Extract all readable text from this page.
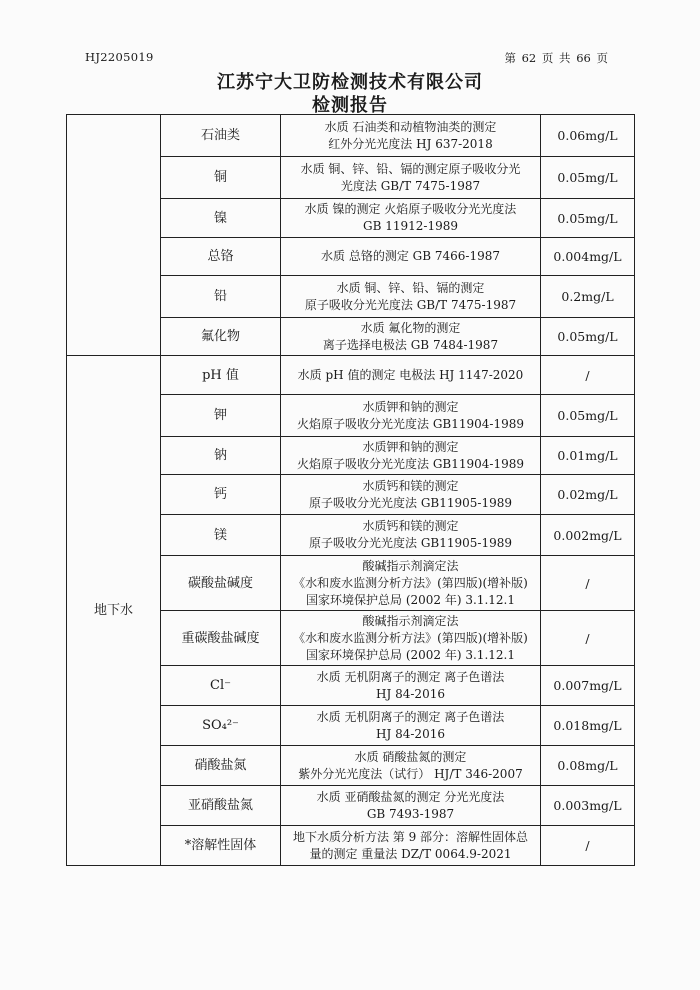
HJ2205019	第 62 页 共 66 页
江苏宁大卫防检测技术有限公司
检测报告
	石油类	水质 石油类和动植物油类的测定
红外分光光度法 HJ 637-2018	0.06mg/L
	铜	水质 铜、锌、铅、镉的测定原子吸收分光
光度法 GB/T 7475-1987	0.05mg/L
	镍	水质 镍的测定 火焰原子吸收分光光度法
GB 11912-1989	0.05mg/L
	总铬	水质 总铬的测定 GB 7466-1987	0.004mg/L
	铅	水质 铜、锌、铅、镉的测定
原子吸收分光光度法 GB/T 7475-1987	0.2mg/L
	氟化物	水质 氟化物的测定
离子选择电极法 GB 7484-1987	0.05mg/L
地下水	pH 值	水质 pH 值的测定 电极法 HJ 1147-2020	/
	钾	水质钾和钠的测定
火焰原子吸收分光光度法 GB11904-1989	0.05mg/L
	钠	水质钾和钠的测定
火焰原子吸收分光光度法 GB11904-1989	0.01mg/L
	钙	水质钙和镁的测定
原子吸收分光光度法 GB11905-1989	0.02mg/L
	镁	水质钙和镁的测定
原子吸收分光光度法 GB11905-1989	0.002mg/L
	碳酸盐碱度	酸碱指示剂滴定法
《水和废水监测分析方法》(第四版)(增补版)
国家环境保护总局 (2002 年) 3.1.12.1	/
	重碳酸盐碱度	酸碱指示剂滴定法
《水和废水监测分析方法》(第四版)(增补版)
国家环境保护总局 (2002 年) 3.1.12.1	/
	Cl⁻	水质 无机阴离子的测定 离子色谱法
HJ 84-2016	0.007mg/L
	SO₄²⁻	水质 无机阴离子的测定 离子色谱法
HJ 84-2016	0.018mg/L
	硝酸盐氮	水质 硝酸盐氮的测定
紫外分光光度法（试行） HJ/T 346-2007	0.08mg/L
	亚硝酸盐氮	水质 亚硝酸盐氮的测定 分光光度法
GB 7493-1987	0.003mg/L
	*溶解性固体	地下水质分析方法 第 9 部分：溶解性固体总
量的测定 重量法 DZ/T 0064.9-2021	/
